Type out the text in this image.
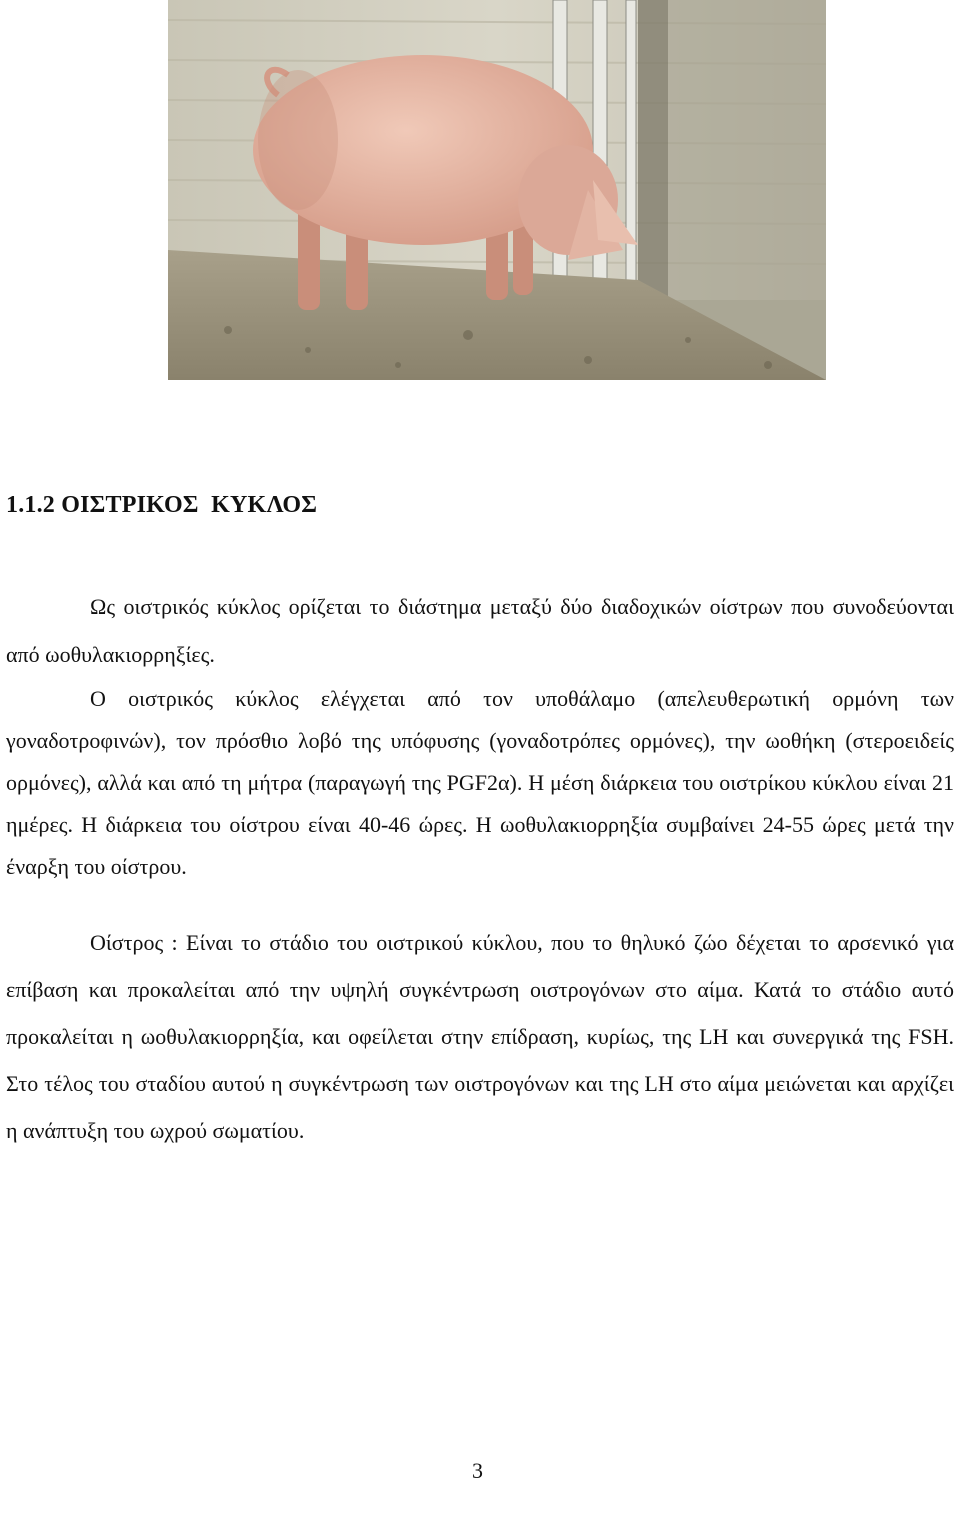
1.1.2 ΟΙΣΤΡΙΚΟΣ  ΚΥΚΛΟΣ

Ως οιστρικός κύκλος ορίζεται το διάστημα μεταξύ δύο διαδοχικών οίστρων που συνοδεύονται από ωοθυλακιορρηξίες.

Ο οιστρικός κύκλος ελέγχεται από τον υποθάλαμο (απελευθερωτική ορμόνη των γοναδοτροφινών), τον πρόσθιο λοβό της υπόφυσης (γοναδοτρόπες ορμόνες), την ωοθήκη (στεροειδείς ορμόνες), αλλά και από τη μήτρα (παραγωγή της PGF2α). Η μέση διάρκεια του οιστρίκου κύκλου είναι 21 ημέρες. Η διάρκεια του οίστρου είναι 40-46 ώρες. Η ωοθυλακιορρηξία συμβαίνει 24-55 ώρες μετά την έναρξη του οίστρου.

Οίστρος : Είναι το στάδιο του οιστρικού κύκλου, που το θηλυκό ζώο δέχεται το αρσενικό για επίβαση και προκαλείται από την υψηλή συγκέντρωση οιστρογόνων στο αίμα. Κατά το στάδιο αυτό προκαλείται η ωοθυλακιορρηξία, και οφείλεται στην επίδραση, κυρίως, της LH και συνεργικά της FSH. Στο τέλος του σταδίου αυτού η συγκέντρωση των οιστρογόνων και της LH στο αίμα μειώνεται και αρχίζει η ανάπτυξη του ωχρού σωματίου.

3
